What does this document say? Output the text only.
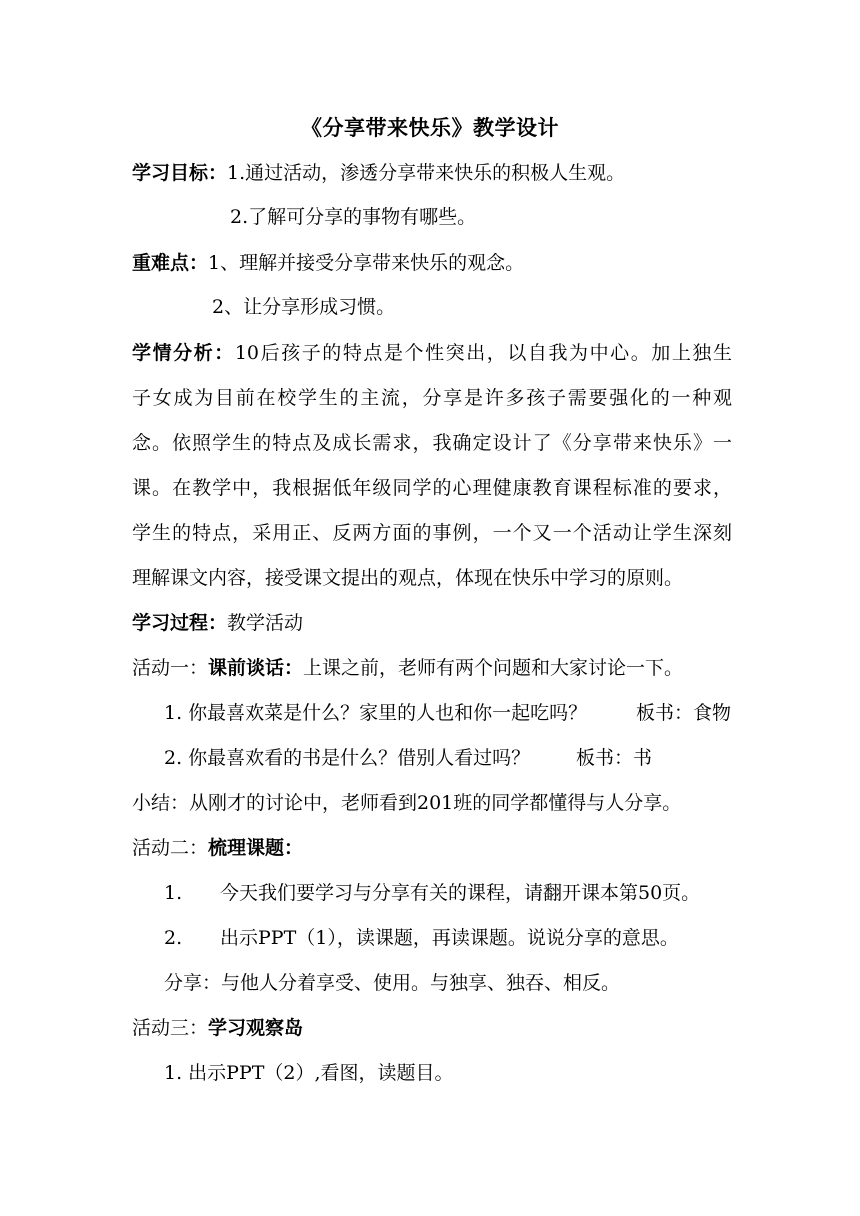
《分享带来快乐》教学设计
学习目标：1.通过活动，渗透分享带来快乐的积极人生观。
2.了解可分享的事物有哪些。
重难点：1、理解并接受分享带来快乐的观念。
2、让分享形成习惯。
学情分析：10后孩子的特点是个性突出，以自我为中心。加上独生
子女成为目前在校学生的主流，分享是许多孩子需要强化的一种观
念。依照学生的特点及成长需求，我确定设计了《分享带来快乐》一
课。在教学中，我根据低年级同学的心理健康教育课程标准的要求，
学生的特点，采用正、反两方面的事例，一个又一个活动让学生深刻
理解课文内容，接受课文提出的观点，体现在快乐中学习的原则。
学习过程：教学活动
活动一：课前谈话：上课之前，老师有两个问题和大家讨论一下。
1. 你最喜欢菜是什么？家里的人也和你一起吃吗？	板书：食物
2. 你最喜欢看的书是什么？借别人看过吗？ 板书：书
小结：从刚才的讨论中，老师看到201班的同学都懂得与人分享。
活动二：梳理课题：
1. 今天我们要学习与分享有关的课程，请翻开课本第50页。
2. 出示PPT（1），读课题，再读课题。说说分享的意思。
分享：与他人分着享受、使用。与独享、独吞、相反。
活动三：学习观察岛
1. 出示PPT（2）,看图，读题目。
